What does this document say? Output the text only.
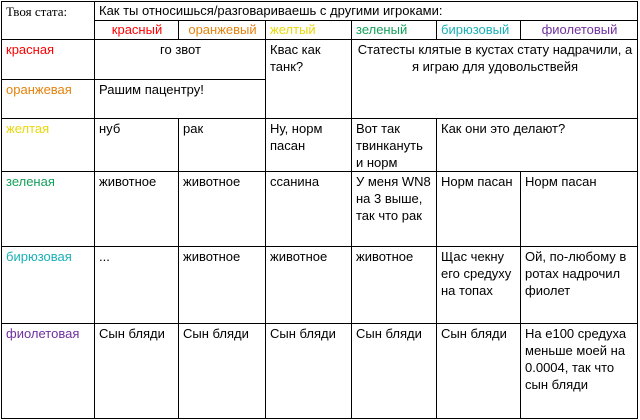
Твоя стата:	Как ты относишься/разговариваешь с другими игроками:					
	красный	оранжевый	желтый	зеленый	бирюзовый	фиолетовый
красная	го звот		Квас как танк?	Статесты клятые в кустах стату надрачили, а я играю для удовольствейя		
оранжевая	Рашим пацентру!					
желтая	нуб	рак	Ну, норм пасан	Вот так твинкануть и норм	Как они это делают?	
зеленая	животное	животное	ссанина	У меня WN8 на 3 выше, так что рак	Норм пасан	Норм пасан
бирюзовая	...	животное	животное	животное	Щас чекну его средуху на топах	Ой, по-любому в ротах надрочил фиолет
фиолетовая	Сын бляди	Сын бляди	Сын бляди	Сын бляди	Сын бляди	На е100 средуха меньше моей на 0.0004, так что сын бляди
